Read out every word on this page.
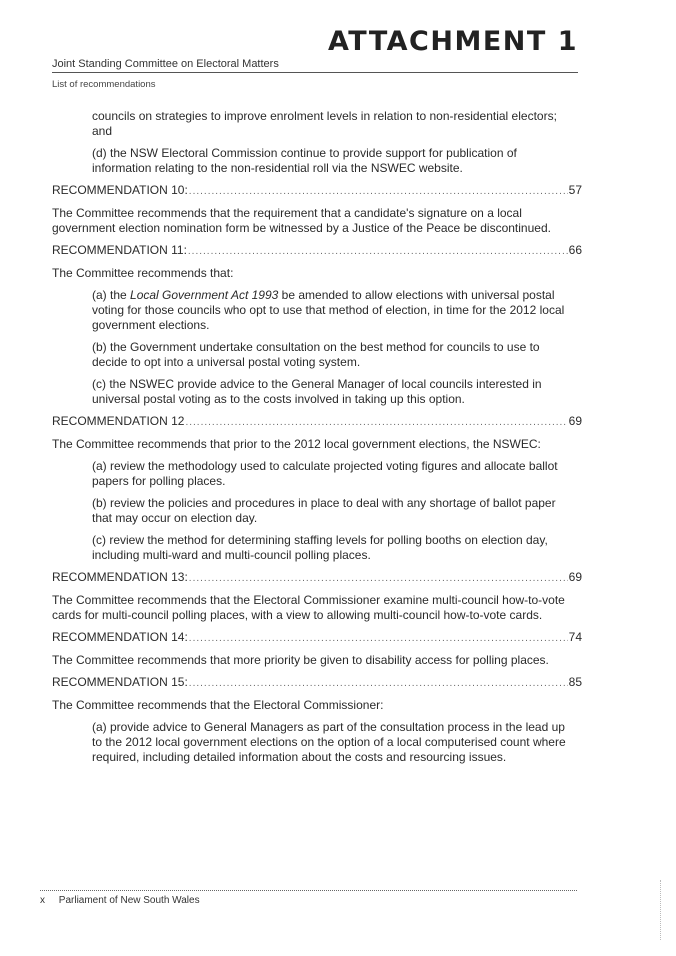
ATTACHMENT 1
Joint Standing Committee on Electoral Matters
List of recommendations

councils on strategies to improve enrolment levels in relation to non-residential electors; and

(d) the NSW Electoral Commission continue to provide support for publication of information relating to the non-residential roll via the NSWEC website.

RECOMMENDATION 10: .....	57

The Committee recommends that the requirement that a candidate's signature on a local government election nomination form be witnessed by a Justice of the Peace be discontinued.

RECOMMENDATION 11: .....	66

The Committee recommends that:

(a) the Local Government Act 1993 be amended to allow elections with universal postal voting for those councils who opt to use that method of election, in time for the 2012 local government elections.

(b) the Government undertake consultation on the best method for councils to use to decide to opt into a universal postal voting system.

(c) the NSWEC provide advice to the General Manager of local councils interested in universal postal voting as to the costs involved in taking up this option.

RECOMMENDATION 12 .....	69

The Committee recommends that prior to the 2012 local government elections, the NSWEC:

(a) review the methodology used to calculate projected voting figures and allocate ballot papers for polling places.

(b) review the policies and procedures in place to deal with any shortage of ballot paper that may occur on election day.

(c) review the method for determining staffing levels for polling booths on election day, including multi-ward and multi-council polling places.

RECOMMENDATION 13: .....	69

The Committee recommends that the Electoral Commissioner examine multi-council how-to-vote cards for multi-council polling places, with a view to allowing multi-council how-to-vote cards.

RECOMMENDATION 14: .....	74

The Committee recommends that more priority be given to disability access for polling places.

RECOMMENDATION 15: .....	85

The Committee recommends that the Electoral Commissioner:

(a) provide advice to General Managers as part of the consultation process in the lead up to the 2012 local government elections on the option of a local computerised count where required, including detailed information about the costs and resourcing issues.

x Parliament of New South Wales
